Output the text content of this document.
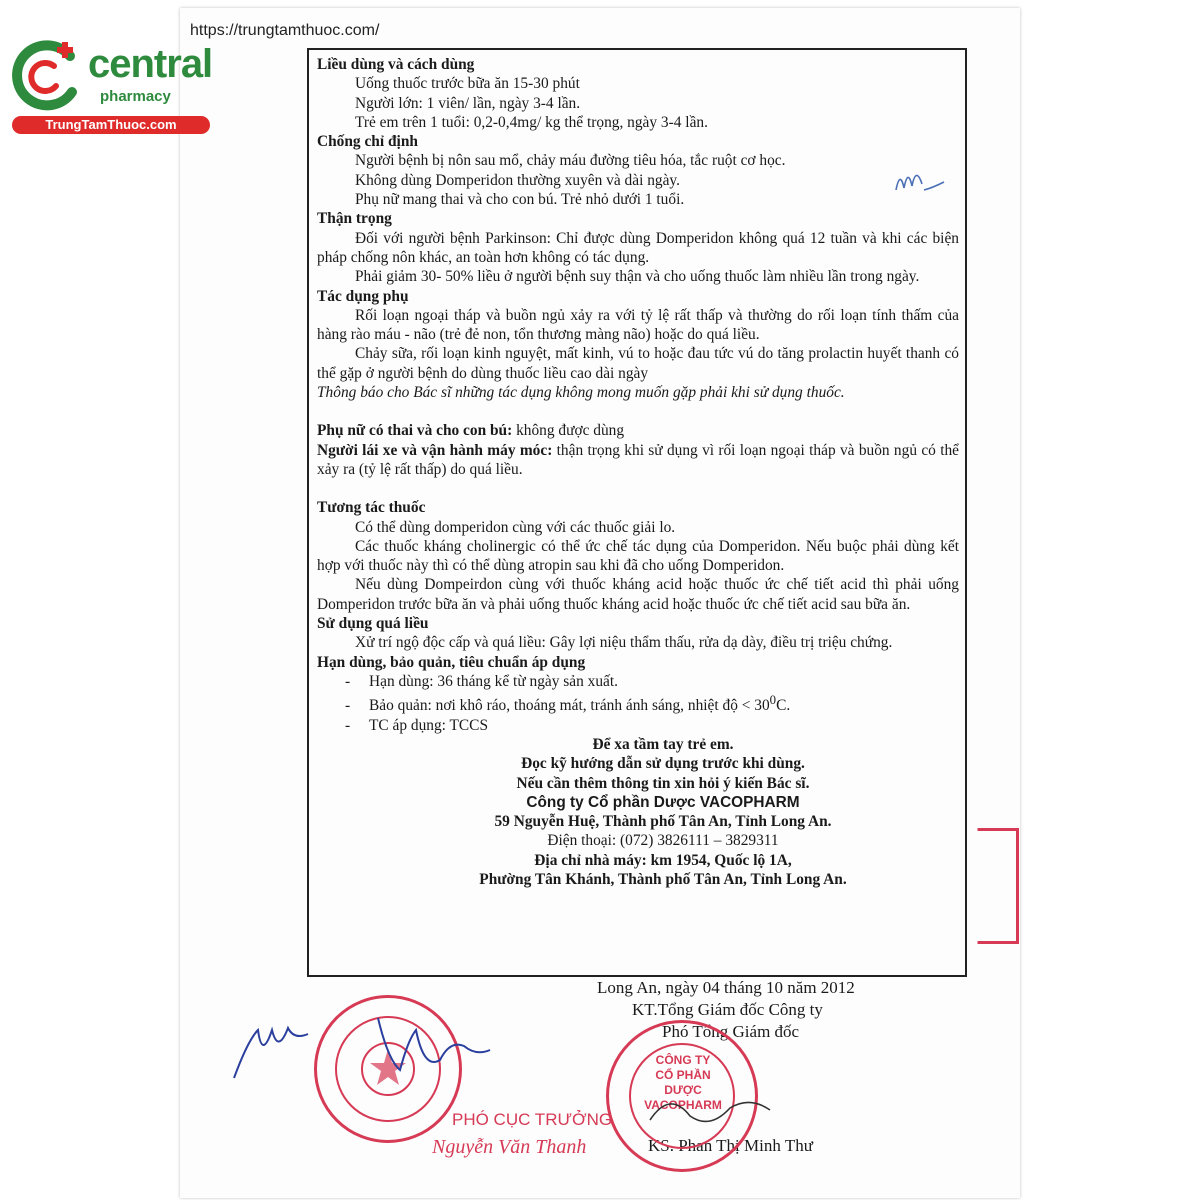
https://trungtamthuoc.com/
central
pharmacy
TrungTamThuoc.com

Liều dùng và cách dùng

Uống thuốc trước bữa ăn 15-30 phút

Người lớn: 1 viên/ lần, ngày 3-4 lần.

Trẻ em trên 1 tuổi: 0,2-0,4mg/ kg thể trọng, ngày 3-4 lần.

Chống chỉ định

Người bệnh bị nôn sau mổ, chảy máu đường tiêu hóa, tắc ruột cơ học.

Không dùng Domperidon thường xuyên và dài ngày.

Phụ nữ mang thai và cho con bú. Trẻ nhỏ dưới 1 tuổi.

Thận trọng

Đối với người bệnh Parkinson: Chỉ được dùng Domperidon không quá 12 tuần và khi các biện pháp chống nôn khác, an toàn hơn không có tác dụng.

Phải giảm 30- 50% liều ở người bệnh suy thận và cho uống thuốc làm nhiều lần trong ngày.

Tác dụng phụ

Rối loạn ngoại tháp và buồn ngủ xảy ra với tỷ lệ rất thấp và thường do rối loạn tính thấm của hàng rào máu - não (trẻ đẻ non, tổn thương màng não) hoặc do quá liều.

Chảy sữa, rối loạn kinh nguyệt, mất kinh, vú to hoặc đau tức vú do tăng prolactin huyết thanh có thể gặp ở người bệnh do dùng thuốc liều cao dài ngày

Thông báo cho Bác sĩ những tác dụng không mong muốn gặp phải khi sử dụng thuốc.

Phụ nữ có thai và cho con bú: không được dùng

Người lái xe và vận hành máy móc: thận trọng khi sử dụng vì rối loạn ngoại tháp và buồn ngủ có thể xảy ra (tỷ lệ rất thấp) do quá liều.

Tương tác thuốc

Có thể dùng domperidon cùng với các thuốc giải lo.

Các thuốc kháng cholinergic có thể ức chế tác dụng của Domperidon. Nếu buộc phải dùng kết hợp với thuốc này thì có thể dùng atropin sau khi đã cho uống Domperidon.

Nếu dùng Dompeirdon cùng với thuốc kháng acid hoặc thuốc ức chế tiết acid thì phải uống Domperidon trước bữa ăn và phải uống thuốc kháng acid hoặc thuốc ức chế tiết acid sau bữa ăn.

Sử dụng quá liều

Xử trí ngộ độc cấp và quá liều: Gây lợi niệu thẩm thấu, rửa dạ dày, điều trị triệu chứng.

Hạn dùng, bảo quản, tiêu chuẩn áp dụng

- Hạn dùng: 36 tháng kể từ ngày sản xuất.

- Bảo quản: nơi khô ráo, thoáng mát, tránh ánh sáng, nhiệt độ < $30^0C$.

- TC áp dụng: TCCS

Để xa tầm tay trẻ em.

Đọc kỹ hướng dẫn sử dụng trước khi dùng.

Nếu cần thêm thông tin xin hỏi ý kiến Bác sĩ.

Công ty Cổ phần Dược VACOPHARM

59 Nguyễn Huệ, Thành phố Tân An, Tỉnh Long An.

Điện thoại: (072) 3826111 – 3829311

Địa chỉ nhà máy: km 1954, Quốc lộ 1A,

Phường Tân Khánh, Thành phố Tân An, Tỉnh Long An.

Long An, ngày 04 tháng 10 năm 2012
KT.Tổng Giám đốc Công ty
Phó Tổng Giám đốc
KS. Phan Thị Minh Thư
PHÓ CỤC TRƯỞNG
Nguyễn Văn Thanh
CÔNG TY
CỔ PHẦN
DƯỢC
VACOPHARM
